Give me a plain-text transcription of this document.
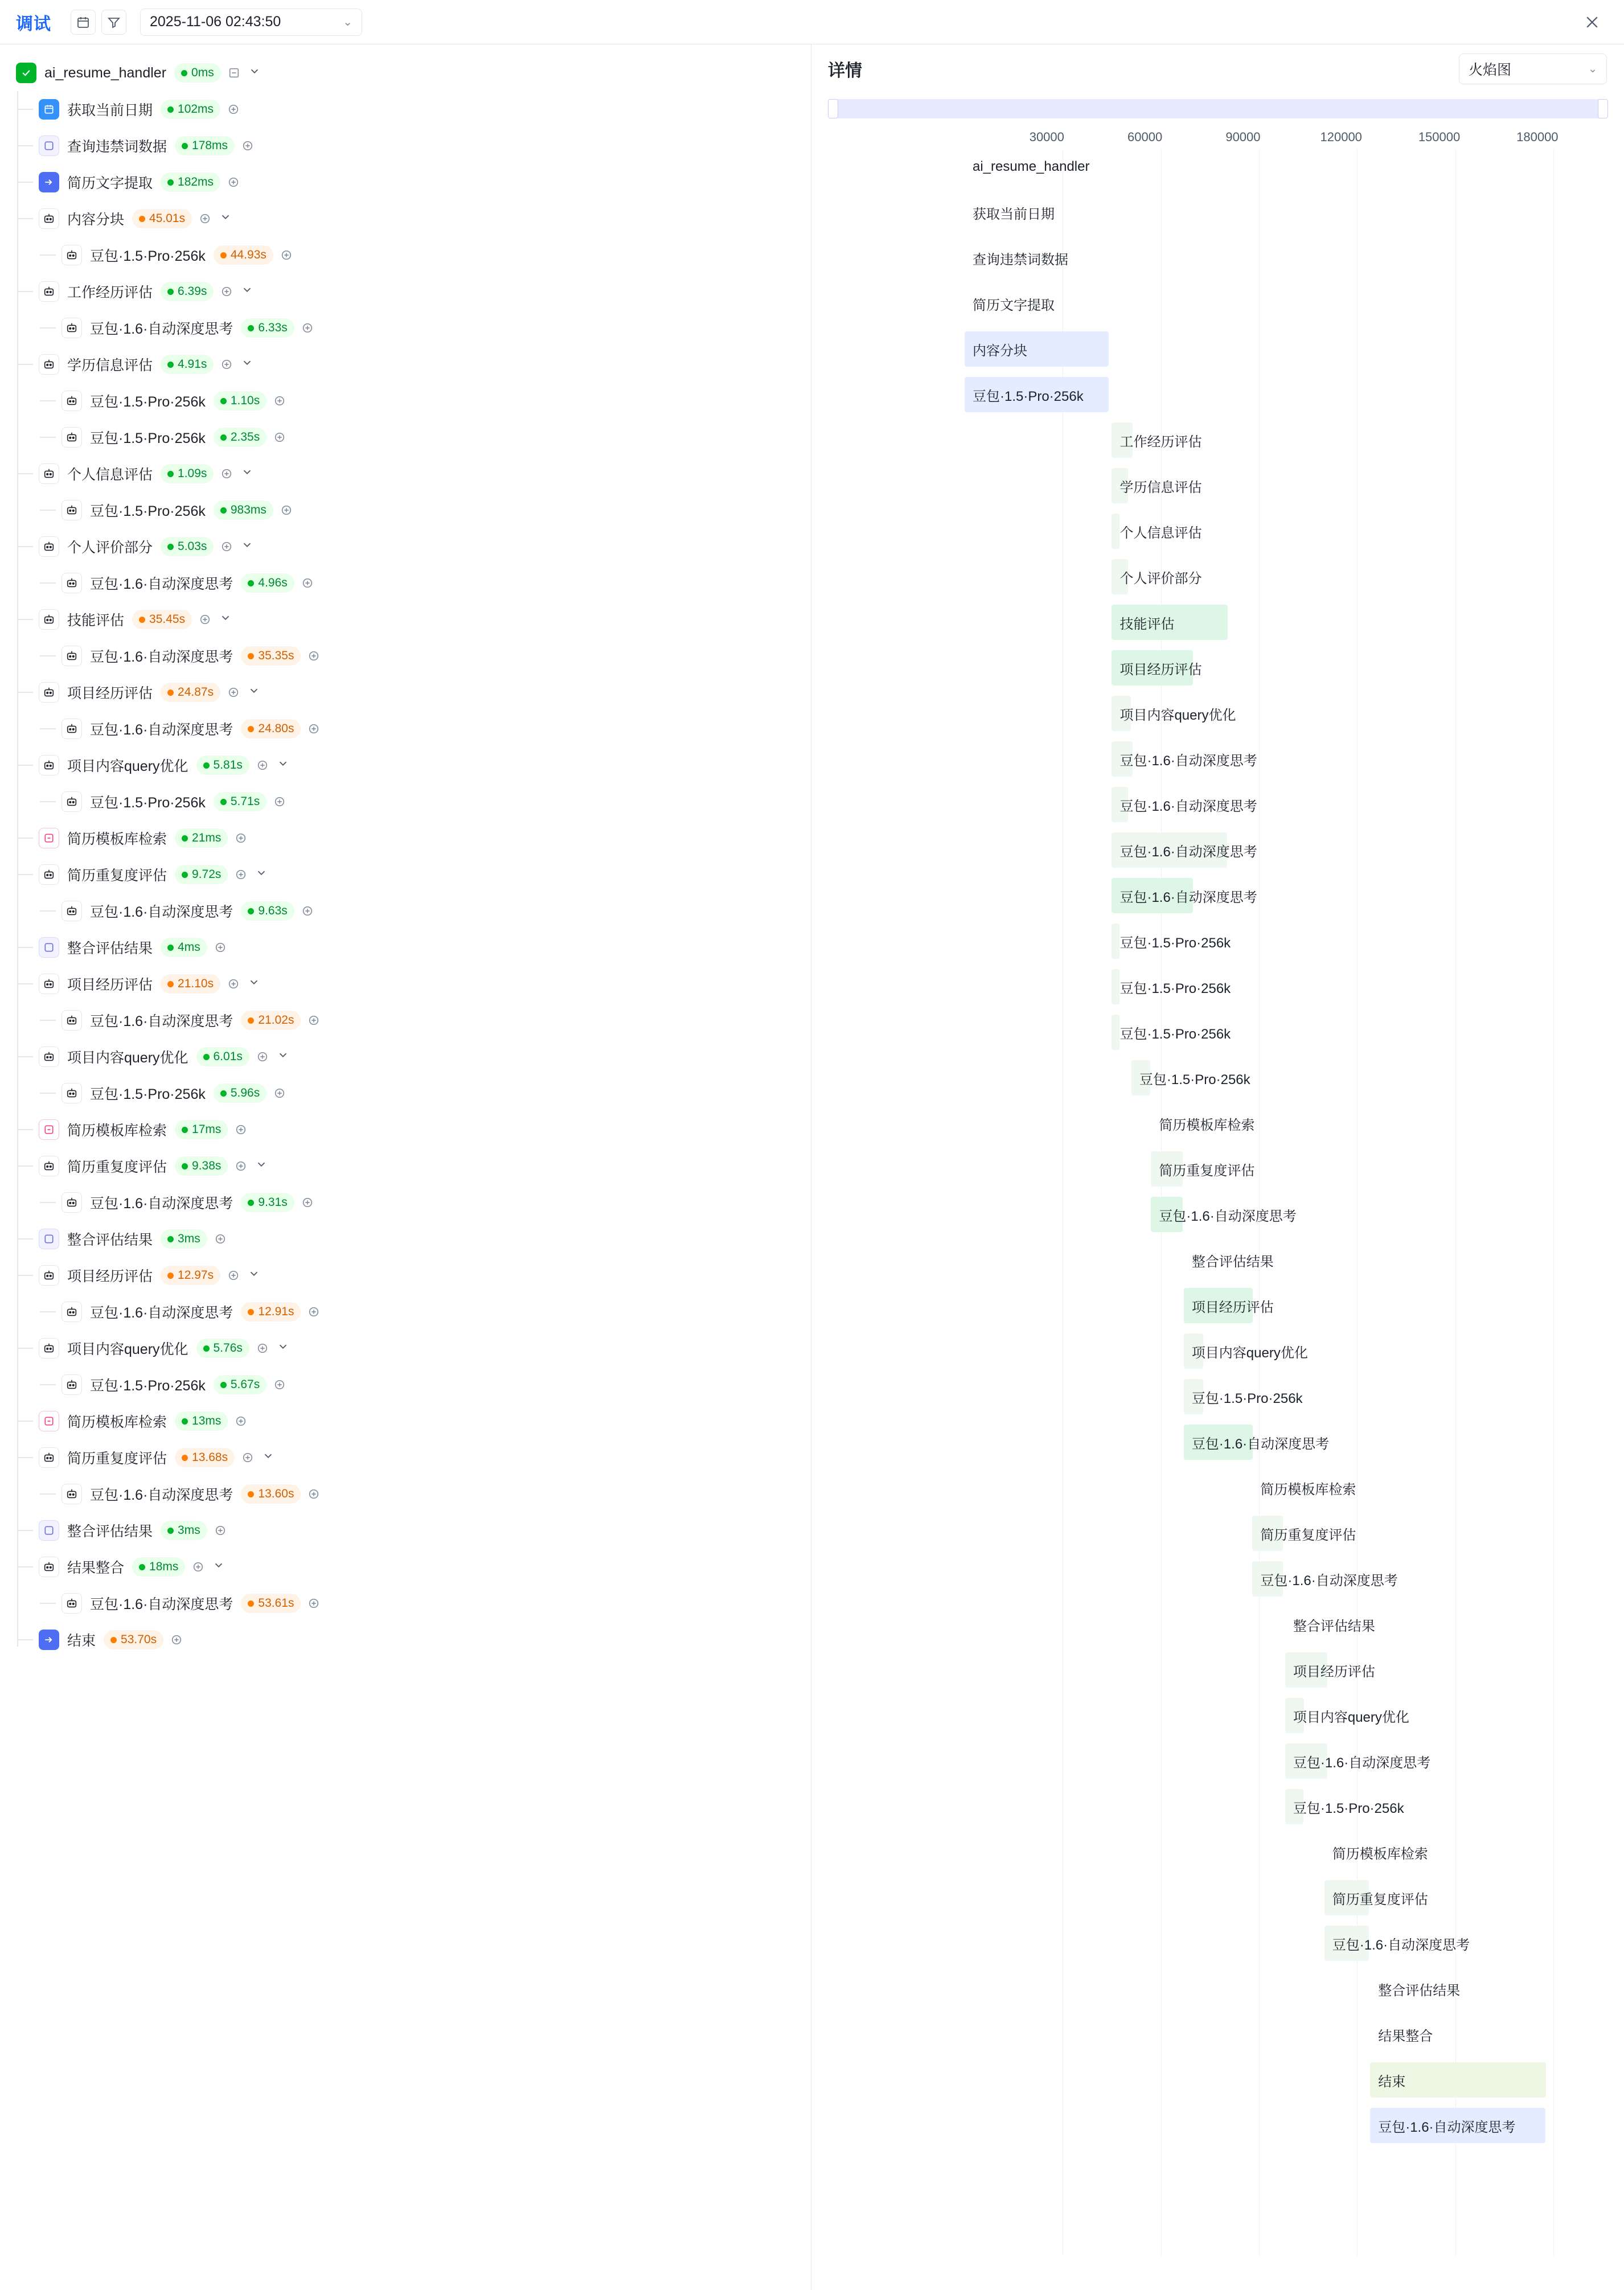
调试	2025-11-06 02:43:50	⌄
ai_resume_handler	0ms
获取当前日期	102ms
查询违禁词数据	178ms
简历文字提取	182ms
内容分块	45.01s
豆包·1.5·Pro·256k	44.93s
工作经历评估	6.39s
豆包·1.6·自动深度思考	6.33s
学历信息评估	4.91s
豆包·1.5·Pro·256k	1.10s
豆包·1.5·Pro·256k	2.35s
个人信息评估	1.09s
豆包·1.5·Pro·256k	983ms
个人评价部分	5.03s
豆包·1.6·自动深度思考	4.96s
技能评估	35.45s
豆包·1.6·自动深度思考	35.35s
项目经历评估	24.87s
豆包·1.6·自动深度思考	24.80s
项目内容query优化	5.81s
豆包·1.5·Pro·256k	5.71s
简历模板库检索	21ms
简历重复度评估	9.72s
豆包·1.6·自动深度思考	9.63s
整合评估结果	4ms
项目经历评估	21.10s
豆包·1.6·自动深度思考	21.02s
项目内容query优化	6.01s
豆包·1.5·Pro·256k	5.96s
简历模板库检索	17ms
简历重复度评估	9.38s
豆包·1.6·自动深度思考	9.31s
整合评估结果	3ms
项目经历评估	12.97s
豆包·1.6·自动深度思考	12.91s
项目内容query优化	5.76s
豆包·1.5·Pro·256k	5.67s
简历模板库检索	13ms
简历重复度评估	13.68s
豆包·1.6·自动深度思考	13.60s
整合评估结果	3ms
结果整合	18ms
豆包·1.6·自动深度思考	53.61s
结束	53.70s
详情	火焰图	⌄
30000	60000	90000	120000	150000	180000
ai_resume_handler
获取当前日期
查询违禁词数据
简历文字提取
内容分块
豆包·1.5·Pro·256k
工作经历评估
学历信息评估
个人信息评估
个人评价部分
技能评估
项目经历评估
项目内容query优化
豆包·1.6·自动深度思考
豆包·1.6·自动深度思考
豆包·1.6·自动深度思考
豆包·1.6·自动深度思考
豆包·1.5·Pro·256k
豆包·1.5·Pro·256k
豆包·1.5·Pro·256k
豆包·1.5·Pro·256k
简历模板库检索
简历重复度评估
豆包·1.6·自动深度思考
整合评估结果
项目经历评估
项目内容query优化
豆包·1.5·Pro·256k
豆包·1.6·自动深度思考
简历模板库检索
简历重复度评估
豆包·1.6·自动深度思考
整合评估结果
项目经历评估
项目内容query优化
豆包·1.6·自动深度思考
豆包·1.5·Pro·256k
简历模板库检索
简历重复度评估
豆包·1.6·自动深度思考
整合评估结果
结果整合
结束
豆包·1.6·自动深度思考
